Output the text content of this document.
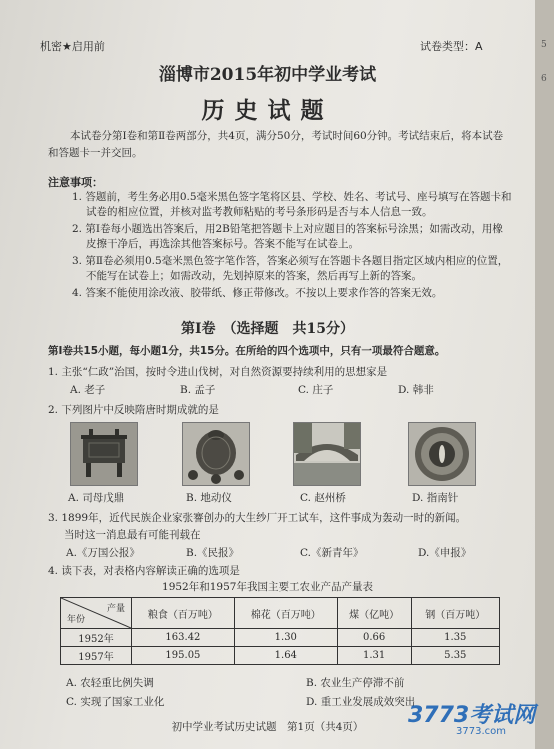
机密★启用前	试卷类型：A
淄博市2015年初中学业考试
历史试题
本试卷分第Ⅰ卷和第Ⅱ卷两部分，共4页，满分50分，考试时间60分钟。考试结束后，将本试卷和答题卡一并交回。
注意事项：
1. 答题前，考生务必用0.5毫米黑色签字笔将区县、学校、姓名、考试号、座号填写在答题卡和试卷的相应位置，并核对监考教师粘贴的考号条形码是否与本人信息一致。
2. 第Ⅰ卷每小题选出答案后，用2B铅笔把答题卡上对应题目的答案标号涂黑；如需改动，用橡皮擦干净后，再选涂其他答案标号。答案不能写在试卷上。
3. 第Ⅱ卷必须用0.5毫米黑色签字笔作答，答案必须写在答题卡各题目指定区域内相应的位置，不能写在试卷上；如需改动，先划掉原来的答案，然后再写上新的答案。
4. 答案不能使用涂改液、胶带纸、修正带修改。不按以上要求作答的答案无效。
第Ⅰ卷　（选择题　共15分）
第Ⅰ卷共15小题，每小题1分，共15分。在所给的四个选项中，只有一项最符合题意。
1. 主张“仁政”治国，按时令进山伐树，对自然资源要持续利用的思想家是
A. 老子	B. 孟子	C. 庄子	D. 韩非
2. 下列图片中反映隋唐时期成就的是
A. 司母戊鼎	B. 地动仪	C. 赵州桥	D. 指南针
3. 1899年，近代民族企业家张謇创办的大生纱厂开工试车，这件事成为轰动一时的新闻。
当时这一消息最有可能刊载在
A.《万国公报》	B.《民报》	C.《新青年》	D.《申报》
4. 读下表，对表格内容解读正确的选项是
1952年和1957年我国主要工农业产品产量表
产量
年份	粮食（百万吨）	棉花（百万吨）	煤（亿吨）	钢（百万吨）
1952年	163.42	1.30	0.66	1.35
1957年	195.05	1.64	1.31	5.35
A. 农轻重比例失调	B. 农业生产停滞不前
C. 实现了国家工业化	D. 重工业发展成效突出
初中学业考试历史试题　第1页（共4页）
5
6
3773考试网
3773.com
